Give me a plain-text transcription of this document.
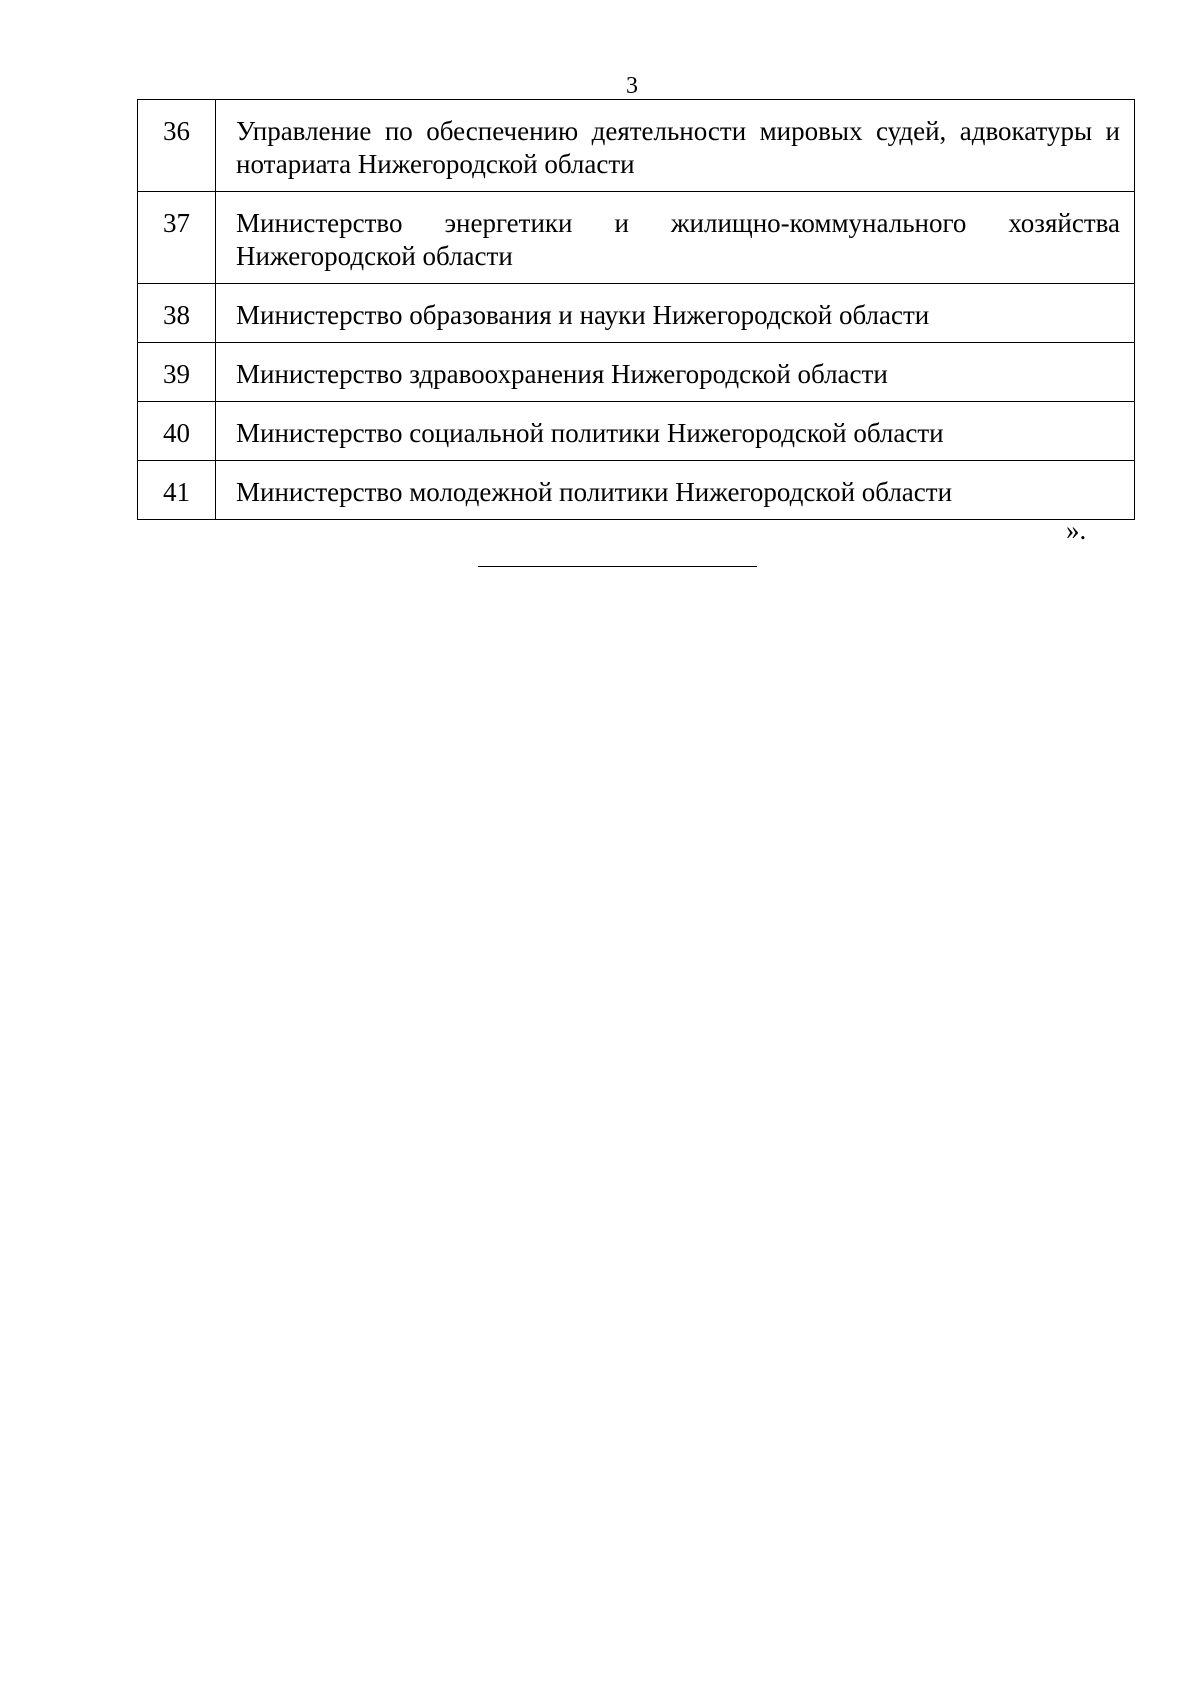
3
36	Управление по обеспечению деятельности мировых судей, адвокатуры и нотариата Нижегородской области
37	Министерство энергетики и жилищно-коммунального хозяйства Нижегородской области
38	Министерство образования и науки Нижегородской области
39	Министерство здравоохранения Нижегородской области
40	Министерство социальной политики Нижегородской области
41	Министерство молодежной политики Нижегородской области
».
